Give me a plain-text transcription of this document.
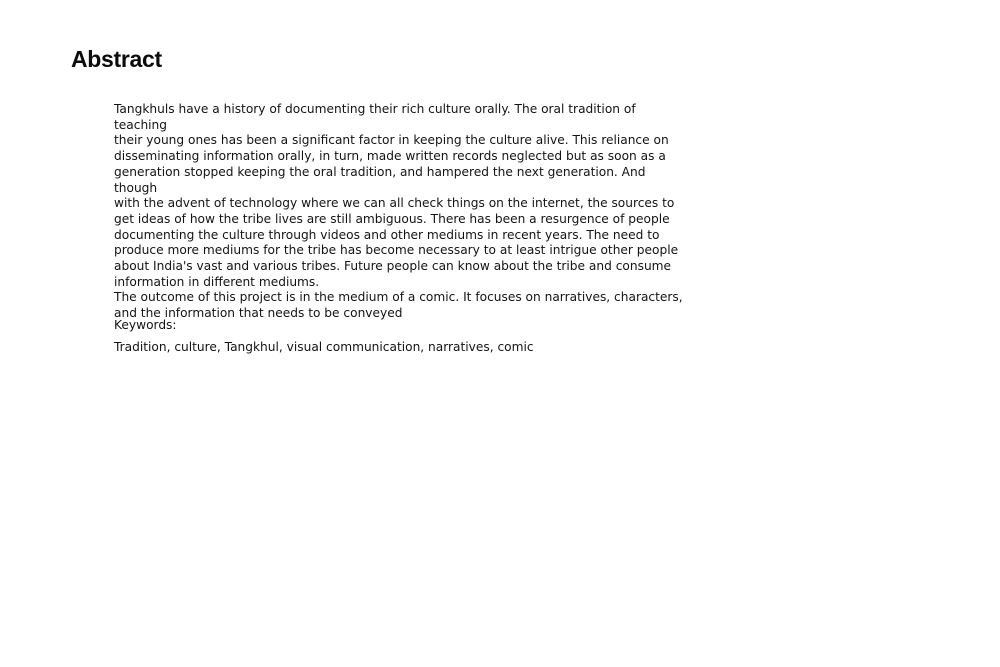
Abstract

Tangkhuls have a history of documenting their rich culture orally. The oral tradition of teaching
their young ones has been a significant factor in keeping the culture alive. This reliance on
disseminating information orally, in turn, made written records neglected but as soon as a
generation stopped keeping the oral tradition, and hampered the next generation. And though
with the advent of technology where we can all check things on the internet, the sources to
get ideas of how the tribe lives are still ambiguous. There has been a resurgence of people
documenting the culture through videos and other mediums in recent years. The need to
produce more mediums for the tribe has become necessary to at least intrigue other people
about India's vast and various tribes. Future people can know about the tribe and consume
information in different mediums.

The outcome of this project is in the medium of a comic. It focuses on narratives, characters,
and the information that needs to be conveyed

Keywords:
Tradition, culture, Tangkhul, visual communication, narratives, comic
